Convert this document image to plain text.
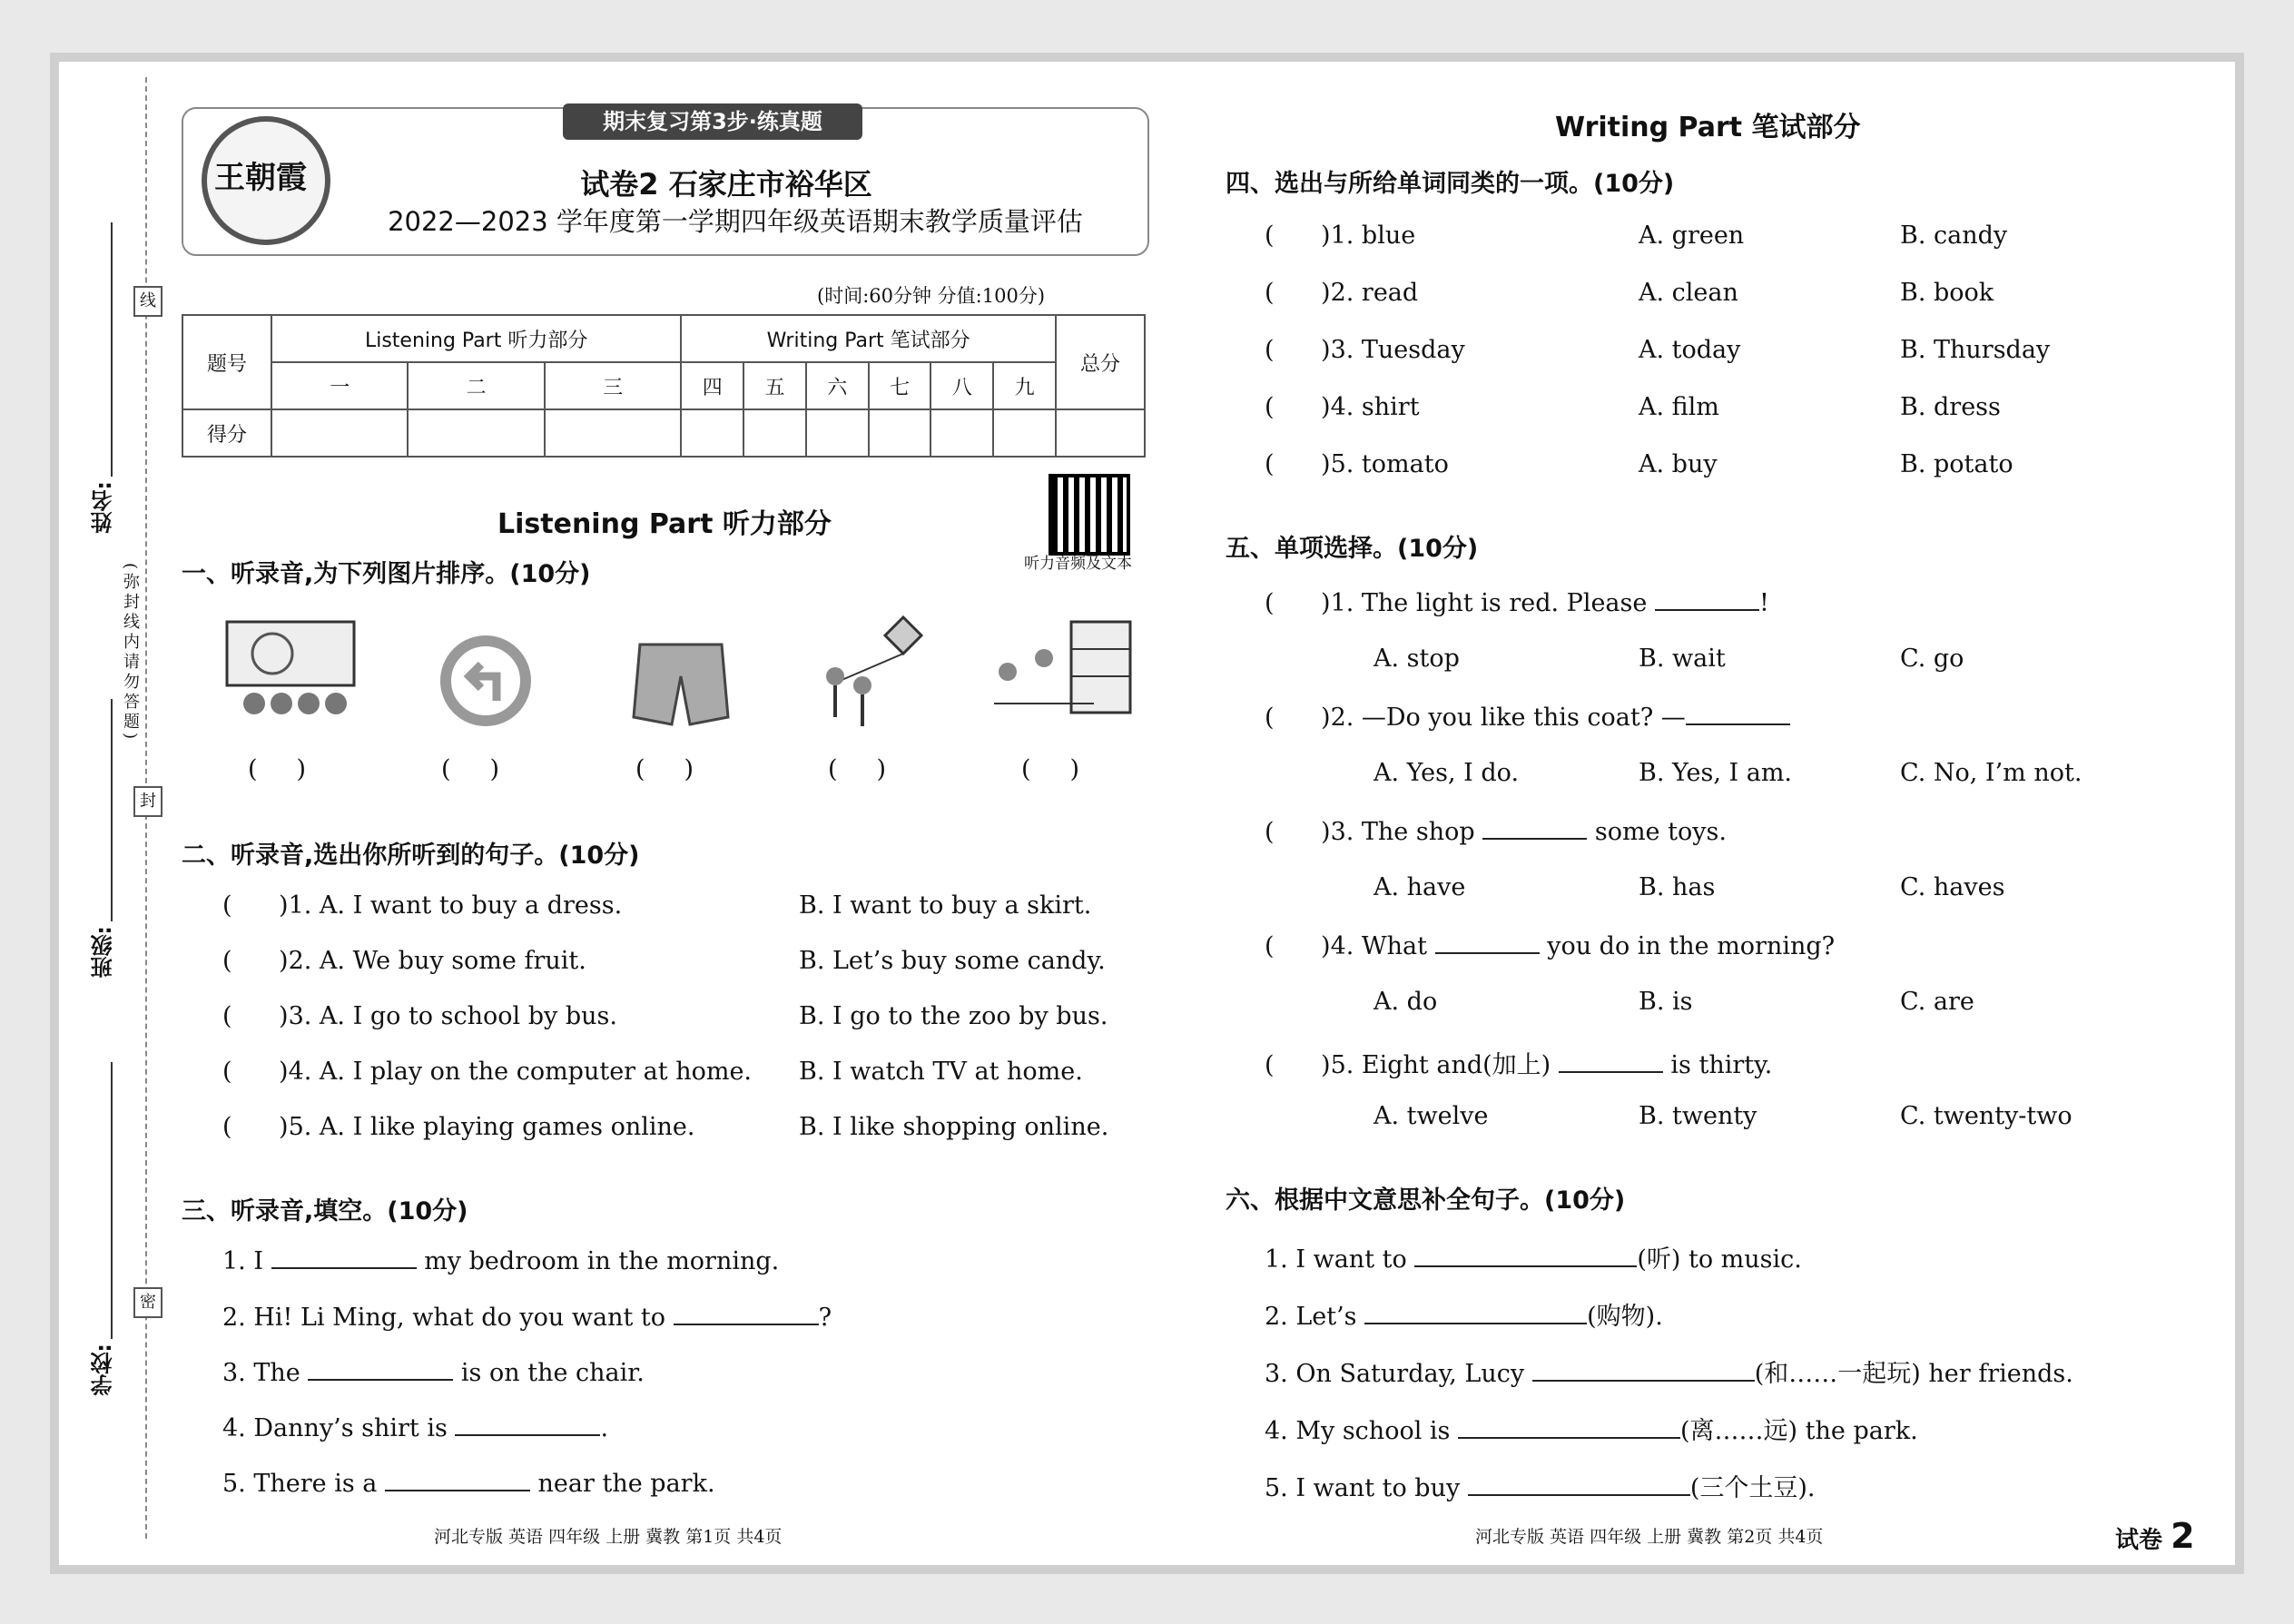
姓名:
班级:
学校:
线
封
密
(弥封线内请勿答题)
王朝霞
期末复习第3步·练真题
试卷2 石家庄市裕华区
2022—2023 学年度第一学期四年级英语期末教学质量评估
(时间:60分钟 分值:100分)
题号	Listening Part 听力部分			Writing Part 笔试部分						总分
	一	二	三	四	五	六	七	八	九	
得分										
Listening Part 听力部分
听力音频及文本
一、听录音,为下列图片排序。(10分)
(     )	(     )	(     )	(     )	(     )
二、听录音,选出你所听到的句子。(10分)
(      )1. A. I want to buy a dress.	B. I want to buy a skirt.
(      )2. A. We buy some fruit.	B. Let’s buy some candy.
(      )3. A. I go to school by bus.	B. I go to the zoo by bus.
(      )4. A. I play on the computer at home. B. I watch TV at home.
(      )5. A. I like playing games online.	B. I like shopping online.
三、听录音,填空。(10分)
1. I	my bedroom in the morning.
2. Hi! Li Ming, what do you want to	?
3. The	is on the chair.
4. Danny’s shirt is	.
5. There is a	near the park.
Writing Part 笔试部分
四、选出与所给单词同类的一项。(10分)
(      )1. blue	A. green	B. candy
(      )2. read	A. clean	B. book
(      )3. Tuesday	A. today	B. Thursday
(      )4. shirt	A. film	B. dress
(      )5. tomato	A. buy	B. potato
五、单项选择。(10分)
(      )1. The light is red. Please	!
A. stop	B. wait	C. go
(      )2. —Do you like this coat? —
A. Yes, I do.	B. Yes, I am.	C. No, I’m not.
(      )3. The shop	some toys.
A. have	B. has	C. haves
(      )4. What	you do in the morning?
A. do	B. is	C. are
(      )5. Eight and(加上)	is thirty.
A. twelve	B. twenty	C. twenty-two
六、根据中文意思补全句子。(10分)
1. I want to	(听) to music.
2. Let’s	(购物).
3. On Saturday, Lucy	(和……一起玩) her friends.
4. My school is	(离……远) the park.
5. I want to buy	(三个土豆).
河北专版 英语 四年级 上册 冀教 第1页 共4页	河北专版 英语 四年级 上册 冀教 第2页 共4页	试卷 2
